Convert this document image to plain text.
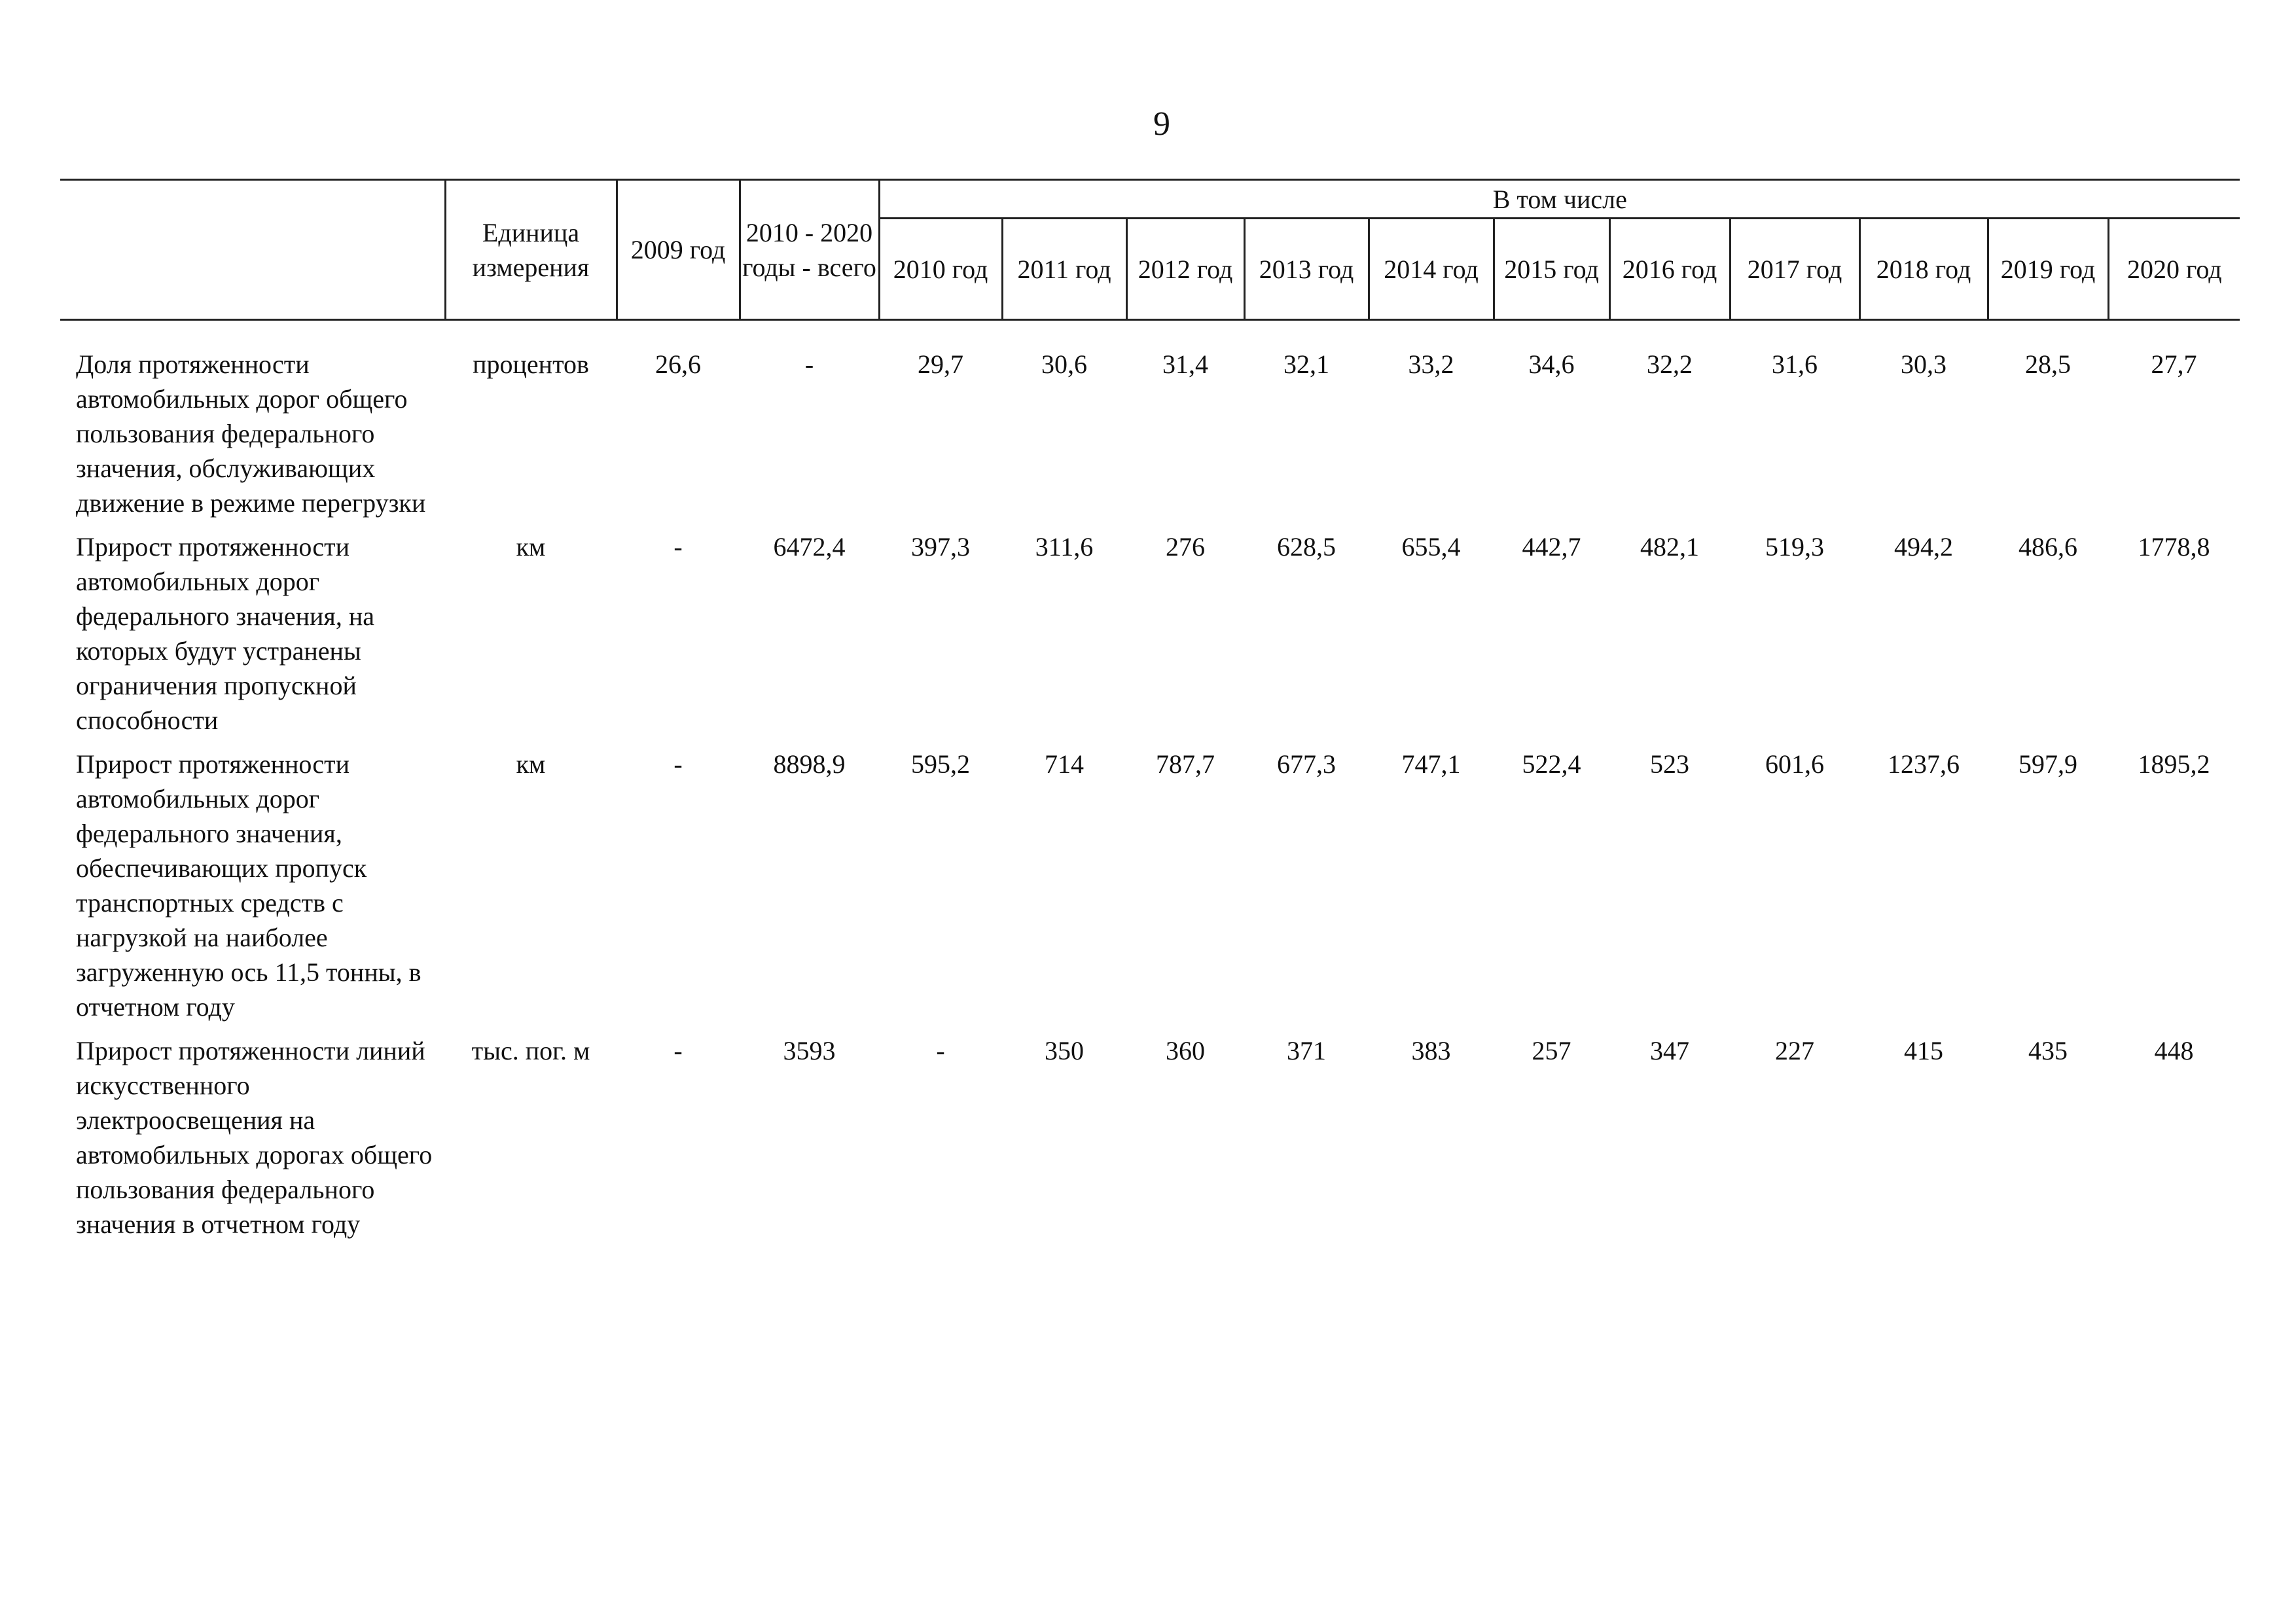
9
	Единица измерения	2009 год	2010 - 2020 годы - всего	В том числе										
				2010 год	2011 год	2012 год	2013 год	2014 год	2015 год	2016 год	2017 год	2018 год	2019 год	2020 год

Доля протяженности автомобильных дорог общего пользования федерального значения, обслуживающих движение в режиме перегрузки	процентов	26,6	-	29,7	30,6	31,4	32,1	33,2	34,6	32,2	31,6	30,3	28,5	27,7
Прирост протяженности автомобильных дорог федерального значения, на которых будут устранены ограничения пропускной способности	км	-	6472,4	397,3	311,6	276	628,5	655,4	442,7	482,1	519,3	494,2	486,6	1778,8
Прирост протяженности автомобильных дорог федерального значения, обеспечивающих пропуск транспортных средств с нагрузкой на наиболее загруженную ось 11,5 тонны, в отчетном году	км	-	8898,9	595,2	714	787,7	677,3	747,1	522,4	523	601,6	1237,6	597,9	1895,2
Прирост протяженности линий искусственного электроосвещения на автомобильных дорогах общего пользования федерального значения в отчетном году	тыс. пог. м	-	3593	-	350	360	371	383	257	347	227	415	435	448
